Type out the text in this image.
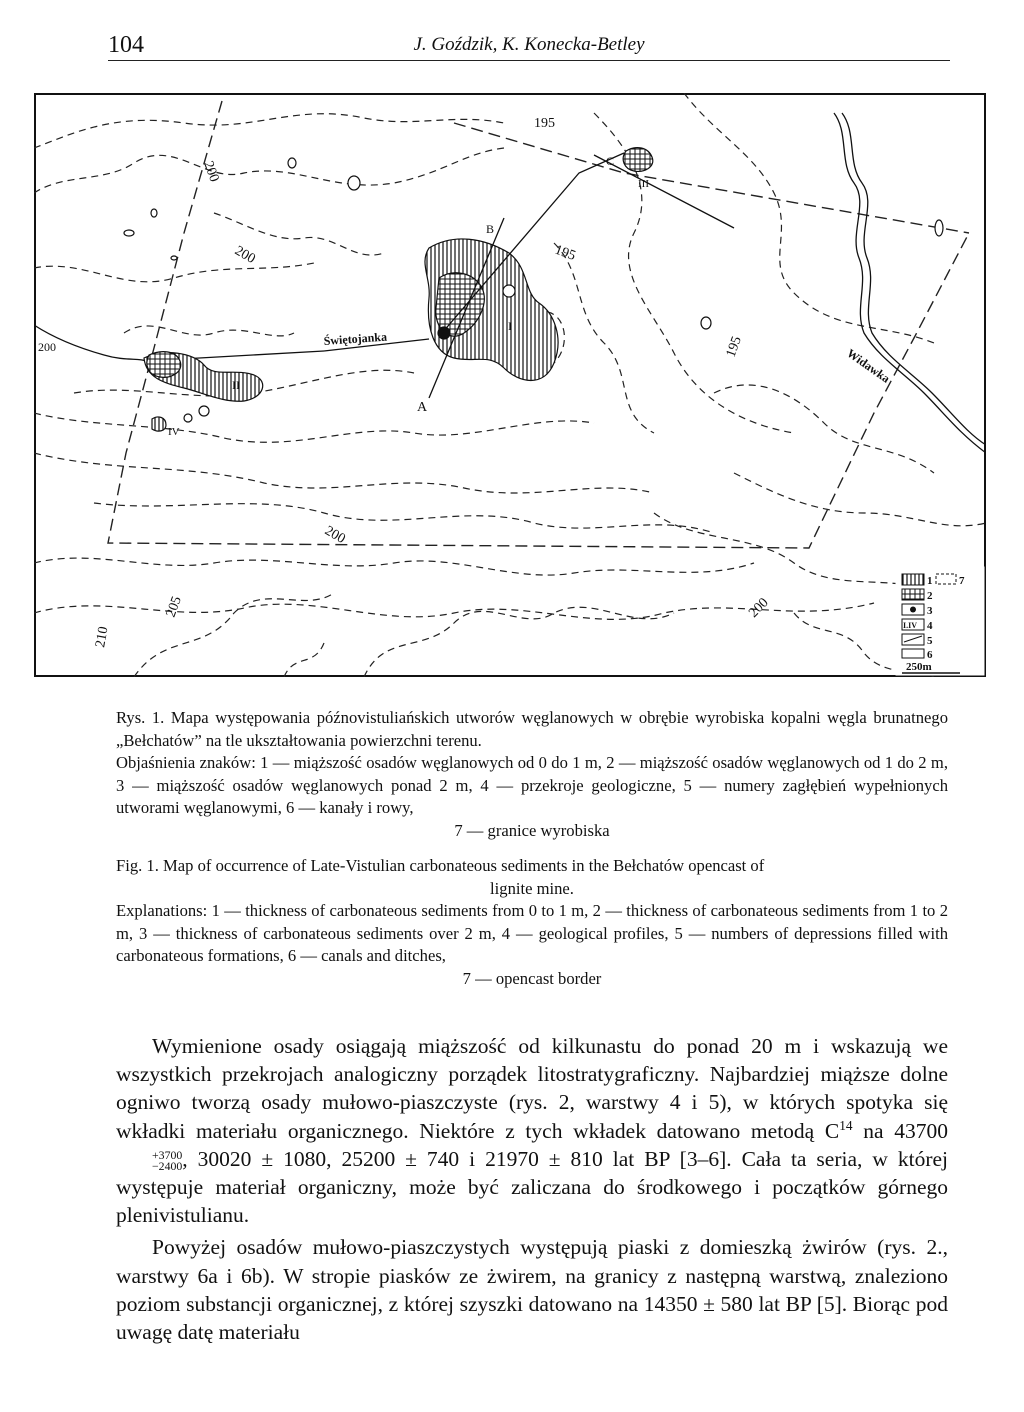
104	J. Goździk, K. Konecka-Betley
195
200
200
200
200
195
195
205
210
200	Świętojanka
Widawka
A
B
C
I
II
III
IV
1
2
3
4
5
6
7
I.IV
250m

Rys. 1. Mapa występowania późnovistuliańskich utworów węglanowych w obrębie wyrobiska kopalni węgla brunatnego „Bełchatów” na tle ukształtowania powierzchni terenu.

Objaśnienia znaków: 1 — miąższość osadów węglanowych od 0 do 1 m, 2 — miąższość osadów węglanowych od 1 do 2 m, 3 — miąższość osadów węglanowych ponad 2 m, 4 — przekroje geologiczne, 5 — numery zagłębień wypełnionych utworami węglanowymi, 6 — kanały i rowy,

7 — granice wyrobiska

Fig. 1. Map of occurrence of Late-Vistulian carbonateous sediments in the Bełchatów opencast of

lignite mine.

Explanations: 1 — thickness of carbonateous sediments from 0 to 1 m, 2 — thickness of carbonateous sediments from 1 to 2 m, 3 — thickness of carbonateous sediments over 2 m, 4 — geological profiles, 5 — numbers of depressions filled with carbonateous formations, 6 — canals and ditches,

7 — opencast border

Wymienione osady osiągają miąższość od kilkunastu do ponad 20 m i wskazują we wszystkich przekrojach analogiczny porządek litostratygraficzny. Najbardziej miąższe dolne ogniwo tworzą osady mułowo-piaszczyste (rys. 2, warstwy 4 i 5), w których spotyka się wkładki materiału organicznego. Niektóre z tych wkładek datowano metodą $C^{14}$ na 43700
+3700
−2400 , 30020 ± 1080, 25200 ± 740 i 21970 ± 810 lat BP [3–6]. Cała ta seria, w której występuje materiał organiczny, może być zaliczana do środkowego i początków górnego plenivistulianu.

Powyżej osadów mułowo-piaszczystych występują piaski z domieszką żwirów (rys. 2., warstwy 6a i 6b). W stropie piasków ze żwirem, na granicy z następną warstwą, znaleziono poziom substancji organicznej, z której szyszki datowano na 14350 ± 580 lat BP [5]. Biorąc pod uwagę datę materiału
